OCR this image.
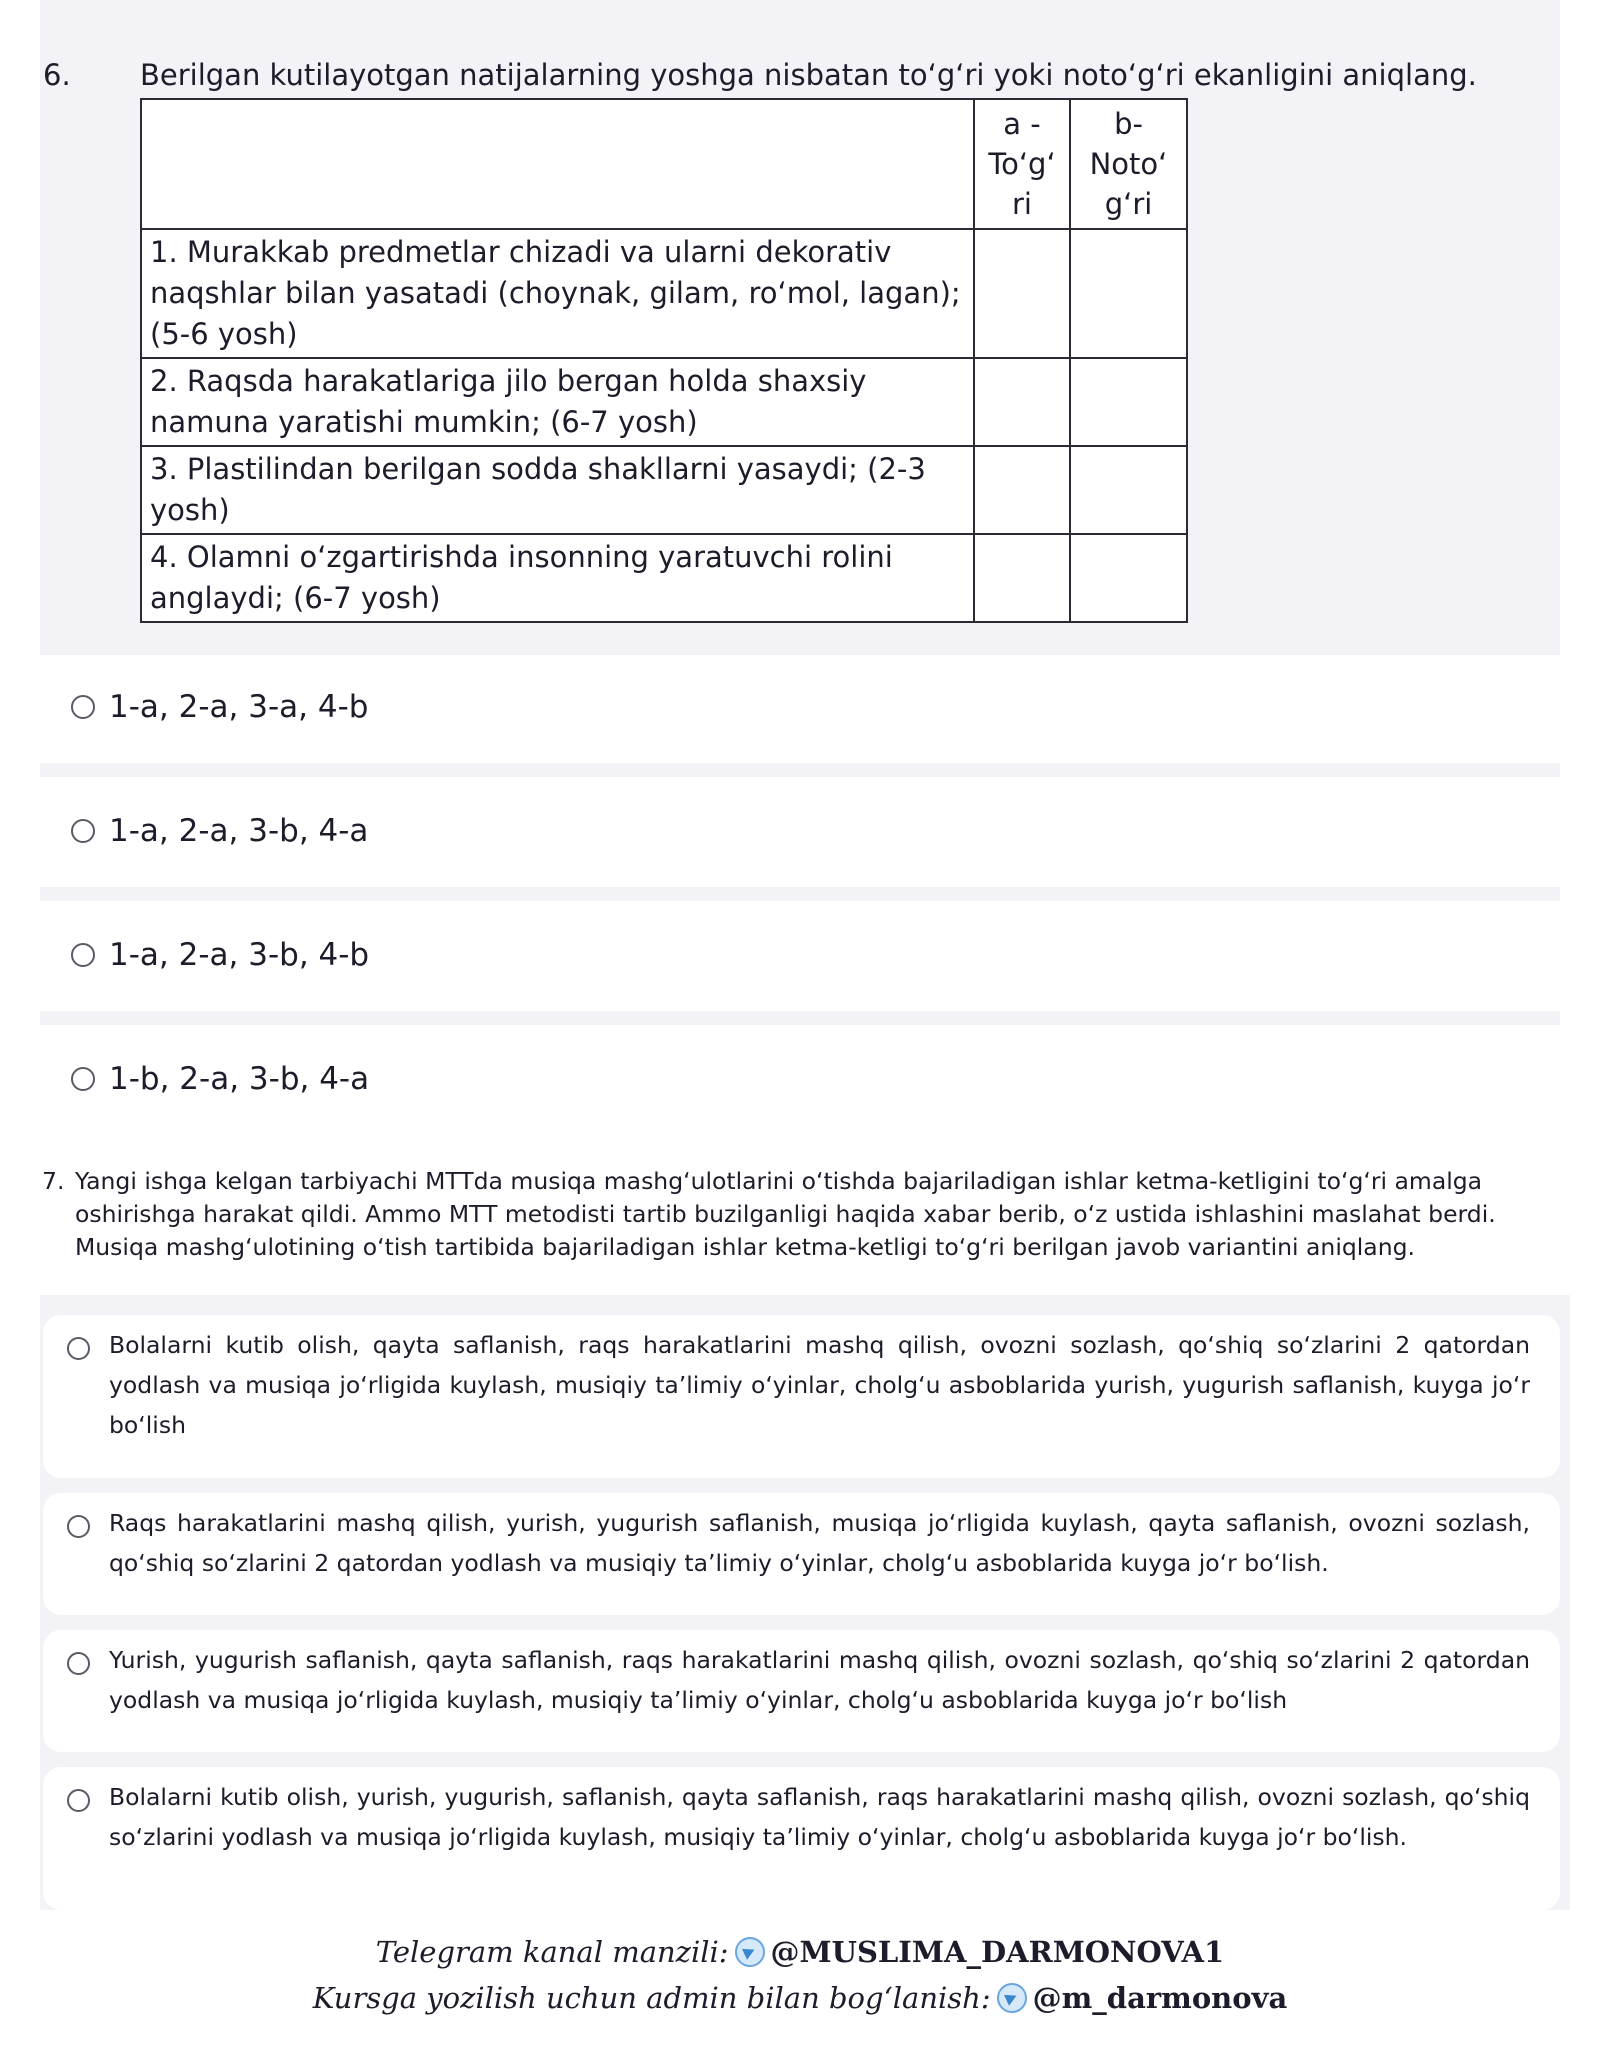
6. Berilgan kutilayotgan natijalarning yoshga nisbatan to‘g‘ri yoki noto‘g‘ri ekanligini aniqlang.
	a - To‘g‘ ri	b- Noto‘ g‘ri
1. Murakkab predmetlar chizadi va ularni dekorativ naqshlar bilan yasatadi (choynak, gilam, ro‘mol, lagan); (5-6 yosh)		
2. Raqsda harakatlariga jilo bergan holda shaxsiy namuna yaratishi mumkin; (6-7 yosh)		
3. Plastilindan berilgan sodda shakllarni yasaydi; (2-3 yosh)		
4. Olamni o‘zgartirishda insonning yaratuvchi rolini anglaydi; (6-7 yosh)		
1-a, 2-a, 3-a, 4-b
1-a, 2-a, 3-b, 4-a
1-a, 2-a, 3-b, 4-b
1-b, 2-a, 3-b, 4-a
7. Yangi ishga kelgan tarbiyachi MTTda musiqa mashg‘ulotlarini o‘tishda bajariladigan ishlar ketma-ketligini to‘g‘ri amalga
oshirishga harakat qildi. Ammo MTT metodisti tartib buzilganligi haqida xabar berib, o‘z ustida ishlashini maslahat berdi. Musiqa mashg‘ulotining o‘tish tartibida bajariladigan ishlar ketma-ketligi to‘g‘ri berilgan javob variantini aniqlang.
Bolalarni kutib olish, qayta saflanish, raqs harakatlarini mashq qilish, ovozni sozlash, qo‘shiq so‘zlarini 2 qatordan yodlash va musiqa jo‘rligida kuylash, musiqiy ta’limiy o‘yinlar, cholg‘u asboblarida yurish, yugurish saflanish, kuyga jo‘r bo‘lish
Raqs harakatlarini mashq qilish, yurish, yugurish saflanish, musiqa jo‘rligida kuylash, qayta saflanish, ovozni sozlash, qo‘shiq so‘zlarini 2 qatordan yodlash va musiqiy ta’limiy o‘yinlar, cholg‘u asboblarida kuyga jo‘r bo‘lish.
Yurish, yugurish saflanish, qayta saflanish, raqs harakatlarini mashq qilish, ovozni sozlash, qo‘shiq so‘zlarini 2 qatordan yodlash va musiqa jo‘rligida kuylash, musiqiy ta’limiy o‘yinlar, cholg‘u asboblarida kuyga jo‘r bo‘lish
Bolalarni kutib olish, yurish, yugurish, saflanish, qayta saflanish, raqs harakatlarini mashq qilish, ovozni sozlash, qo‘shiq so‘zlarini yodlash va musiqa jo‘rligida kuylash, musiqiy ta’limiy o‘yinlar, cholg‘u asboblarida kuyga jo‘r bo‘lish.
Telegram kanal manzili: @MUSLIMA_DARMONOVA1
Kursga yozilish uchun admin bilan bog‘lanish: @m_darmonova
